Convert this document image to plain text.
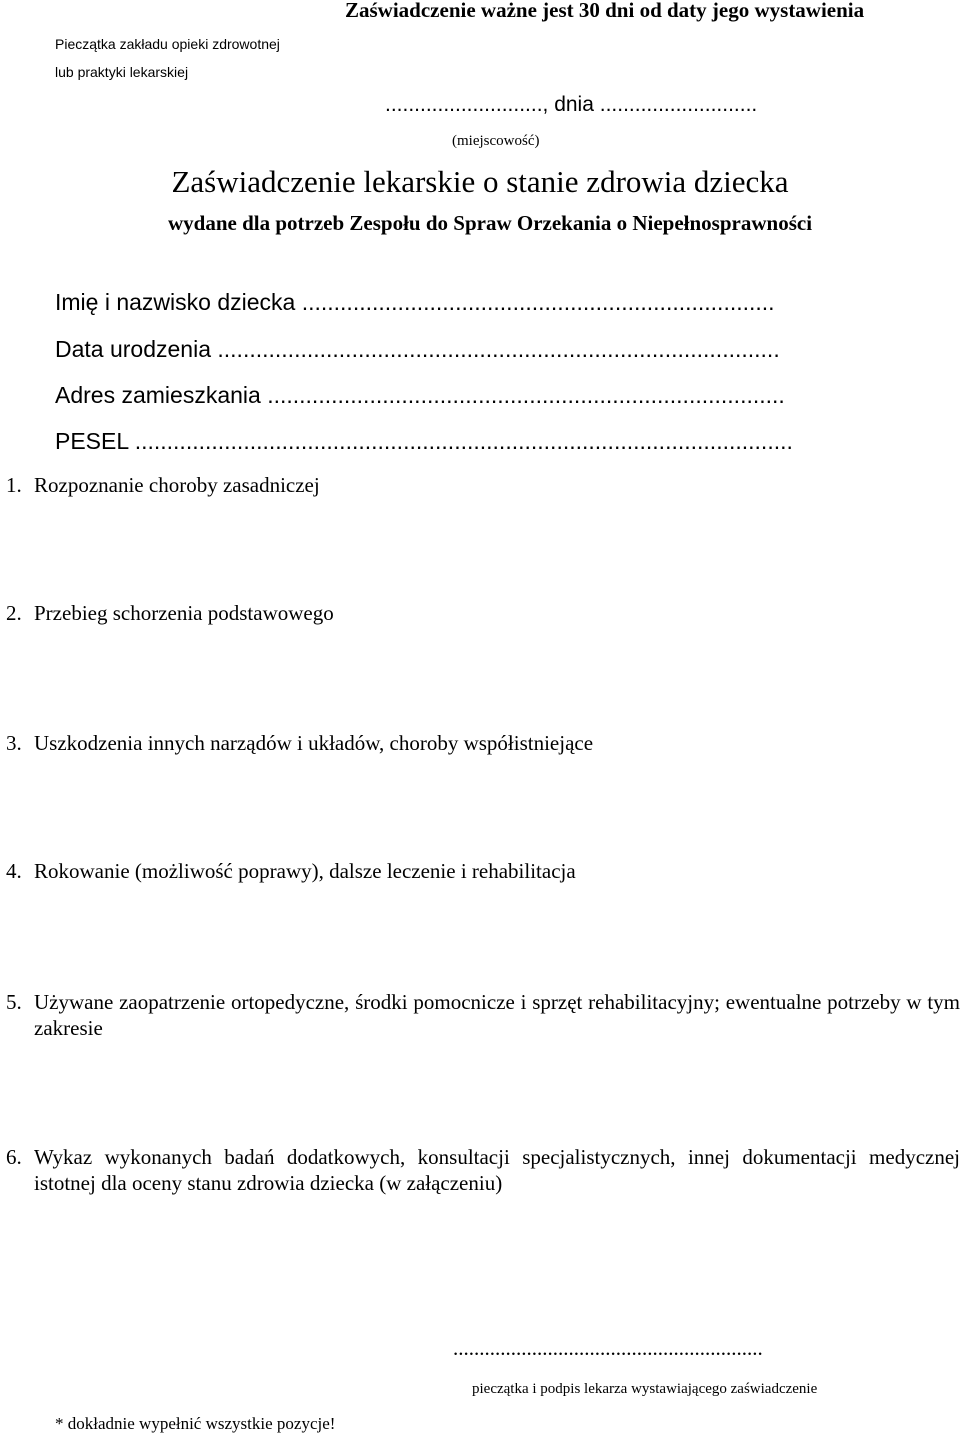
Zaświadczenie ważne jest 30 dni od daty jego wystawienia
Pieczątka zakładu opieki zdrowotnej
lub praktyki lekarskiej
..........................., dnia ...........................
(miejscowość)
Zaświadczenie lekarskie o stanie zdrowia dziecka
wydane dla potrzeb Zespołu do Spraw Orzekania o Niepełnosprawności
Imię i nazwisko dziecka ..........................................................................
Data urodzenia ........................................................................................
Adres zamieszkania .................................................................................
PESEL .......................................................................................................
1. Rozpoznanie choroby zasadniczej
2. Przebieg schorzenia podstawowego
3. Uszkodzenia innych narządów i układów, choroby współistniejące
4. Rokowanie (możliwość poprawy), dalsze leczenie i rehabilitacja
5. Używane zaopatrzenie ortopedyczne, środki pomocnicze i sprzęt rehabilitacyjny; ewentualne potrzeby w tym zakresie
6. Wykaz wykonanych badań dodatkowych, konsultacji specjalistycznych, innej dokumentacji medycznej istotnej dla oceny stanu zdrowia dziecka (w załączeniu)
...........................................................
pieczątka i podpis lekarza wystawiającego zaświadczenie
* dokładnie wypełnić wszystkie pozycje!
